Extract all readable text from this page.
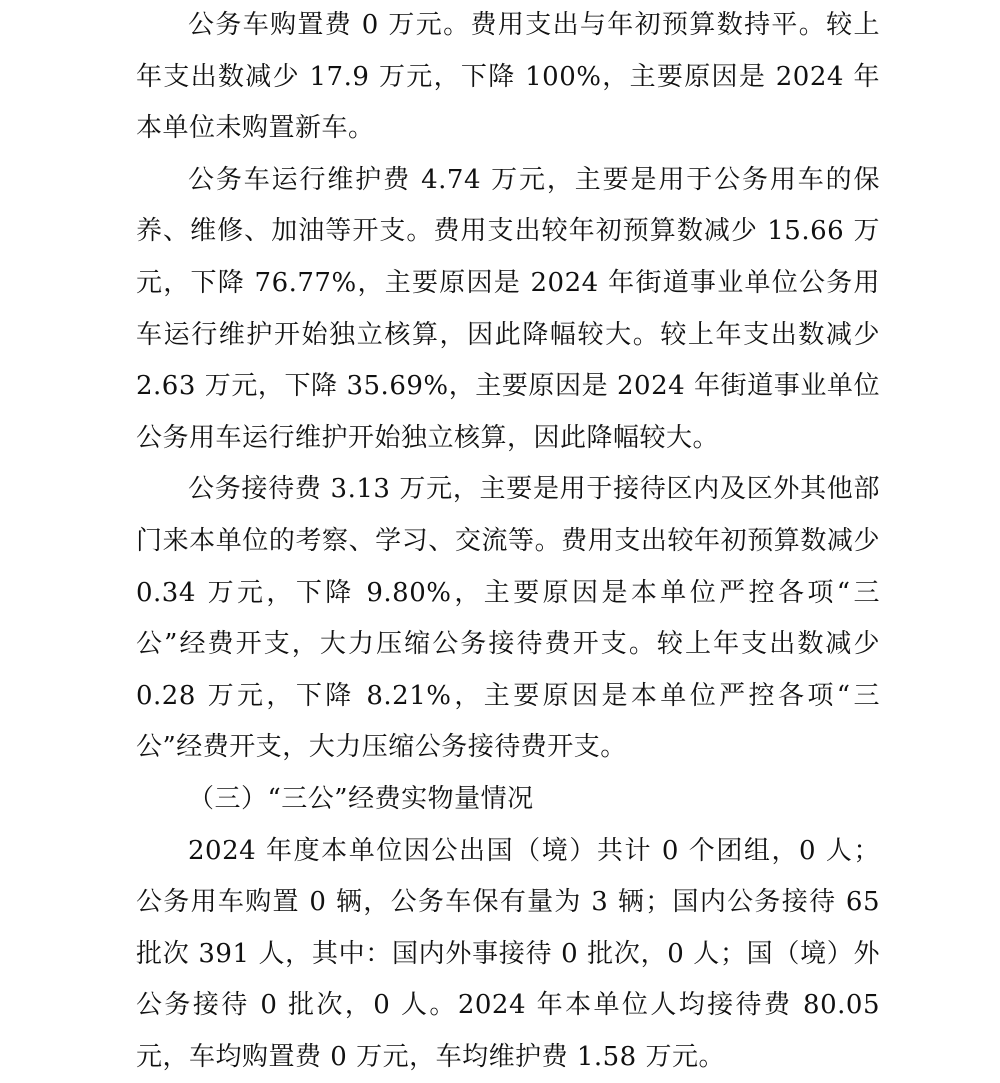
公务车购置费 0 万元。费用支出与年初预算数持平。较上年支出数减少 17.9 万元，下降 100%，主要原因是 2024 年本单位未购置新车。

公务车运行维护费 4.74 万元，主要是用于公务用车的保养、维修、加油等开支。费用支出较年初预算数减少 15.66 万元，下降 76.77%，主要原因是 2024 年街道事业单位公务用车运行维护开始独立核算，因此降幅较大。较上年支出数减少 2.63 万元，下降 35.69%，主要原因是 2024 年街道事业单位公务用车运行维护开始独立核算，因此降幅较大。

公务接待费 3.13 万元，主要是用于接待区内及区外其他部门来本单位的考察、学习、交流等。费用支出较年初预算数减少 0.34 万元，下降 9.80%，主要原因是本单位严控各项“三公”经费开支，大力压缩公务接待费开支。较上年支出数减少 0.28 万元，下降 8.21%，主要原因是本单位严控各项“三公”经费开支，大力压缩公务接待费开支。

（三）“三公”经费实物量情况

2024 年度本单位因公出国（境）共计 0 个团组，0 人；公务用车购置 0 辆，公务车保有量为 3 辆；国内公务接待 65 批次 391 人，其中：国内外事接待 0 批次，0 人；国（境）外公务接待 0 批次，0 人。2024 年本单位人均接待费 80.05 元，车均购置费 0 万元，车均维护费 1.58 万元。
